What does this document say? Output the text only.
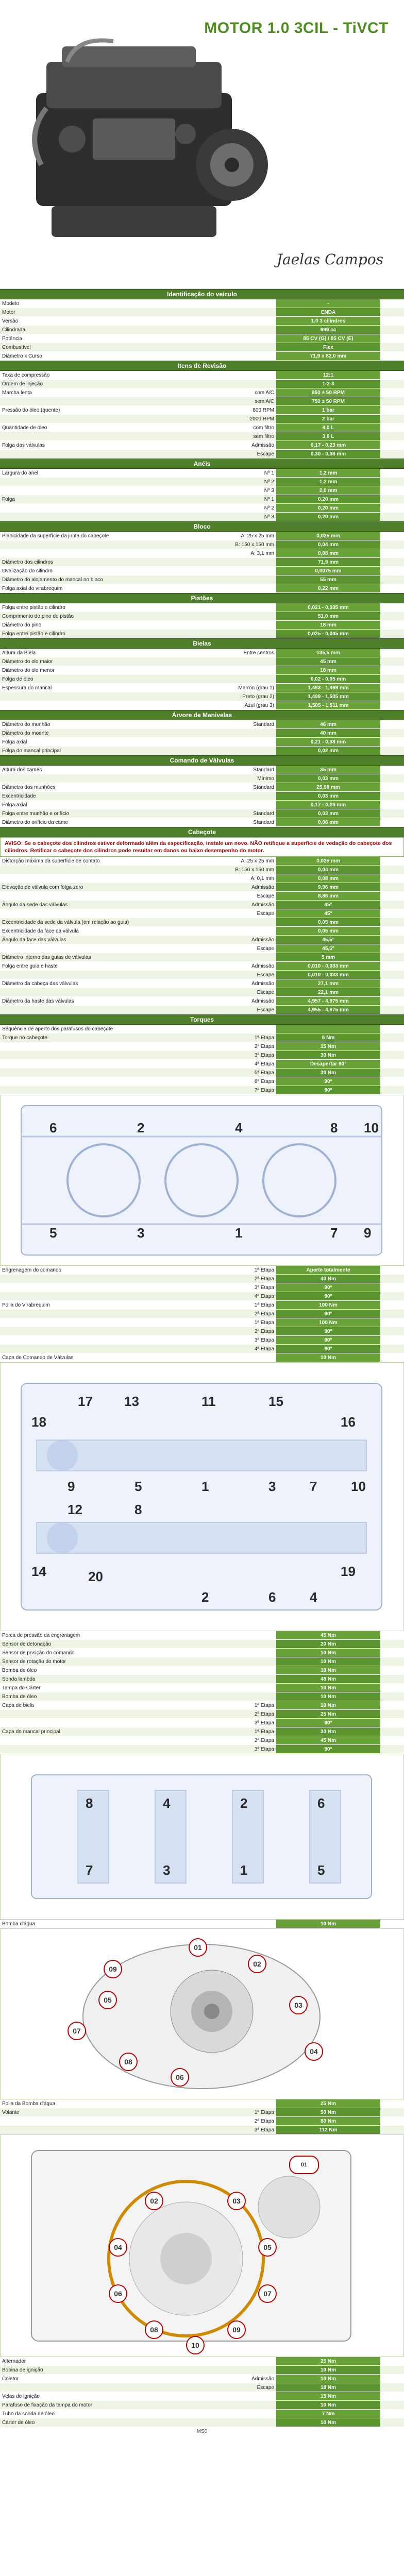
MOTOR 1.0 3CIL - TiVCT
Jaelas Campos
Identificação do veículo
Modelo		-	
Motor		ENDA	
Versão		1.0 3 cilindros	
Cilindrada		999 cc	
Potência		85 CV (G) / 85 CV (E)	
Combustível		Flex	
Diâmetro x Curso		71,9 x 82,0 mm	
Itens de Revisão
Taxa de compressão		12:1	
Ordem de injeção		1-2-3	
Marcha lenta	com A/C	850 ± 50 RPM	
	sem A/C	750 ± 50 RPM	
Pressão do óleo (quente)	800 RPM	1 bar	
	2000 RPM	2 bar	
Quantidade de óleo	com filtro	4,0 L	
	sem filtro	3,8 L	
Folga das válvulas	Admissão	0,17 - 0,23 mm	
	Escape	0,30 - 0,36 mm	
Anéis
Largura do anel	Nº 1	1,2 mm	
	Nº 2	1,2 mm	
	Nº 3	2,0 mm	
Folga	Nº 1	0,20 mm	
	Nº 2	0,20 mm	
	Nº 3	0,20 mm	
Bloco
Planicidade da superfície da junta do cabeçote	A: 25 x 25 mm	0,025 mm	
	B: 150 x 150 mm	0,04 mm	
	A: 3,1 mm	0,08 mm	
Diâmetro dos cilindros		71,9 mm	
Ovalização do cilindro		0,0075 mm	
Diâmetro do alojamento do mancal no bloco		55 mm	
Folga axial do virabrequim		0,22 mm	
Pistões
Folga entre pistão e cilindro		0,021 - 0,035 mm	
Comprimento do pino do pistão		51,0 mm	
Diâmetro do pino		18 mm	
Folga entre pistão e cilindro		0,025 - 0,045 mm	
Bielas
Altura da Biela	Entre centros	135,5 mm	
Diâmetro do olo maior		45 mm	
Diâmetro do olo menor		18 mm	
Folga de óleo		0,02 - 0,05 mm	
Espessura do mancal	Marron (grau 1)	1,493 - 1,499 mm	
	Preto (grau 2)	1,499 - 1,505 mm	
	Azul (grau 3)	1,505 - 1,511 mm	
Árvore de Manivelas
Diâmetro do munhão	Standard	46 mm	
Diâmetro do moente		40 mm	
Folga axial		0,21 - 0,38 mm	
Folga do mancal principal		0,02 mm	
Comando de Válvulas
Altura dos cames	Standard	35 mm	
	Mínimo	0,03 mm	
Diâmetro dos munhões	Standard	25,98 mm	
Excentricidade		0,03 mm	
Folga axial		0,17 - 0,26 mm	
Folga entre munhão e orifício	Standard	0,03 mm	
Diâmetro do orifício da came	Standard	0,06 mm	
Cabeçote
AVISO: Se o cabeçote dos cilindros estiver deformado além da especificação, instale um novo. NÃO retifique a superfície de vedação do cabeçote dos cilindros. Retificar o cabeçote dos cilindros pode resultar em danos ou baixo desempenho do motor.
Distorção máxima da superfície de contato	A: 25 x 25 mm	0,025 mm	
	B: 150 x 150 mm	0,04 mm	
	A: 0,1 mm	0,08 mm	
Elevação de válvula com folga zero	Admissão	9,96 mm	
	Escape	8,86 mm	
Ângulo da sede das válvulas	Admissão	45°	
	Escape	45°	
Excentricidade da sede da válvula (em relação ao guia)		0,05 mm	
Excentricidade da face da válvula		0,05 mm	
Ângulo da face das válvulas	Admissão	45,5°	
	Escape	45,5°	
Diâmetro interno das guias de válvulas		5 mm	
Folga entre guia e haste	Admissão	0,010 - 0,033 mm	
	Escape	0,010 - 0,033 mm	
Diâmetro da cabeça das válvulas	Admissão	27,1 mm	
	Escape	22,1 mm	
Diâmetro da haste das válvulas	Admissão	4,957 - 4,975 mm	
	Escape	4,955 - 4,975 mm	
Torques
Sequência de aperto dos parafusos do cabeçote			
Torque no cabeçote	1ª Etapa	6 Nm	
	2ª Etapa	15 Nm	
	3ª Etapa	30 Nm	
	4ª Etapa	Desapertar 90°	
	5ª Etapa	30 Nm	
	6ª Etapa	90°	
	7ª Etapa	90°	
6	2	4	8 10
5	3	1	7 9
Engrenagem do comando	1ª Etapa	Aperte totalmente	
	2ª Etapa	40 Nm	
	3ª Etapa	90°	
	4ª Etapa	90°	
Polia do Virabrequim	1ª Etapa	100 Nm	
	2ª Etapa	90°	
	1ª Etapa	100 Nm	
	2ª Etapa	90°	
	3ª Etapa	90°	
	4ª Etapa	90°	
Capa de Comando de Válvulas		10 Nm	
17 13	11	15
18	16
9	5	1	3	7	10
14	20	19
12	8
2	6	4
Porca de pressão da engrenagem		45 Nm	
Sensor de detonação		20 Nm	
Sensor de posição do comando		10 Nm	
Sensor de rotação do motor		10 Nm	
Bomba de óleo		10 Nm	
Sonda lambda		48 Nm	
Tampa do Cárter		10 Nm	
Bomba de óleo		10 Nm	
Capa de biela	1ª Etapa	10 Nm	
	2ª Etapa	25 Nm	
	3ª Etapa	90°	
Capa do mancal principal	1ª Etapa	30 Nm	
	2ª Etapa	45 Nm	
	3ª Etapa	90°	
8	4	2	6
7	3	1	5
Bomba d'água		10 Nm	
01
02
03
04
05
06
07
08
09
Polia da Bomba d'água		25 Nm	
Volante	1ª Etapa	50 Nm	
	2ª Etapa	80 Nm	
	3ª Etapa	112 Nm	
01
02	03
04	05
06	07
08	09
10
Alternador		25 Nm	
Bobina de ignição		10 Nm	
Coletor	Admissão	10 Nm	
	Escape	18 Nm	
Velas de ignição		15 Nm	
Parafuso de fixação da tampa do motor		10 Nm	
Tubo da sonda de óleo		7 Nm	
Cárter de óleo		10 Nm	
MS0
